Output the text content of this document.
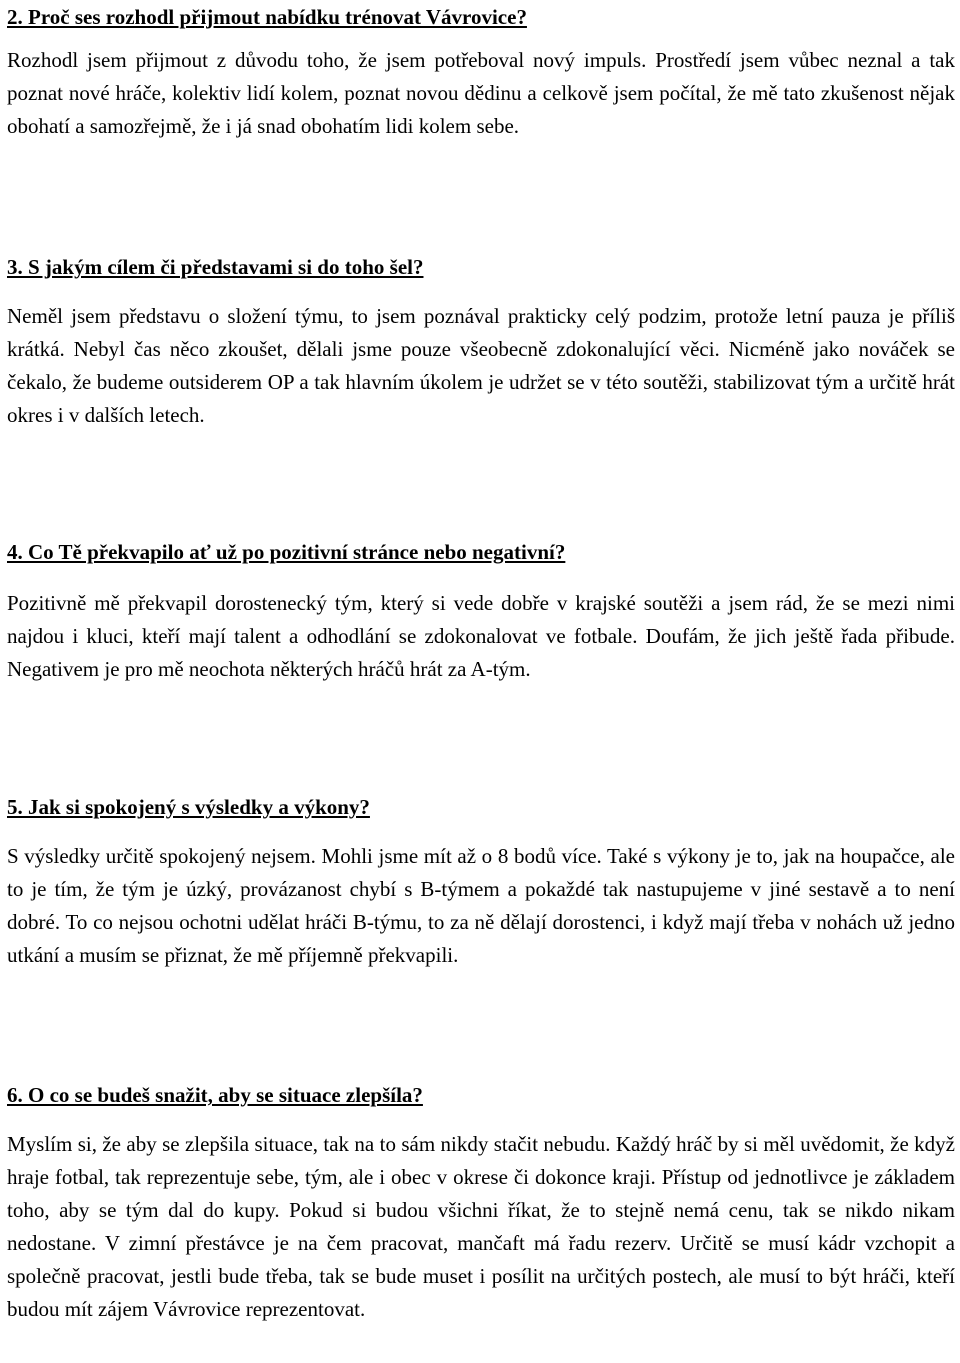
2. Proč ses rozhodl přijmout nabídku trénovat Vávrovice?

Rozhodl jsem přijmout z důvodu toho, že jsem potřeboval nový impuls. Prostředí jsem vůbec neznal a tak poznat nové hráče, kolektiv lidí kolem, poznat novou dědinu a celkově jsem počítal, že mě tato zkušenost nějak obohatí a samozřejmě, že i já snad obohatím lidi kolem sebe.

3. S jakým cílem či představami si do toho šel?

Neměl jsem představu o složení týmu, to jsem poznával prakticky celý podzim, protože letní pauza je příliš krátká. Nebyl čas něco zkoušet, dělali jsme pouze všeobecně zdokonalující věci. Nicméně jako nováček se čekalo, že budeme outsiderem OP a tak hlavním úkolem je udržet se v této soutěži, stabilizovat tým a určitě hrát okres i v dalších letech.

4. Co Tě překvapilo ať už po pozitivní stránce nebo negativní?

Pozitivně mě překvapil dorostenecký tým, který si vede dobře v krajské soutěži a jsem rád, že se mezi nimi najdou i kluci, kteří mají talent a odhodlání se zdokonalovat ve fotbale. Doufám, že jich ještě řada přibude. Negativem je pro mě neochota některých hráčů hrát za A-tým.

5. Jak si spokojený s výsledky a výkony?

S výsledky určitě spokojený nejsem. Mohli jsme mít až o 8 bodů více. Také s výkony je to, jak na houpačce, ale to je tím, že tým je úzký, provázanost chybí s B-týmem a pokaždé tak nastupujeme v jiné sestavě a to není dobré. To co nejsou ochotni udělat hráči B-týmu, to za ně dělají dorostenci, i když mají třeba v nohách už jedno utkání a musím se přiznat, že mě příjemně překvapili.

6. O co se budeš snažit, aby se situace zlepšíla?

Myslím si, že aby se zlepšila situace, tak na to sám nikdy stačit nebudu. Každý hráč by si měl uvědomit, že když hraje fotbal, tak reprezentuje sebe, tým, ale i obec v okrese či dokonce kraji. Přístup od jednotlivce je základem toho, aby se tým dal do kupy. Pokud si budou všichni říkat, že to stejně nemá cenu, tak se nikdo nikam nedostane. V zimní přestávce je na čem pracovat, mančaft má řadu rezerv. Určitě se musí kádr vzchopit a společně pracovat, jestli bude třeba, tak se bude muset i posílit na určitých postech, ale musí to být hráči, kteří budou mít zájem Vávrovice reprezentovat.
